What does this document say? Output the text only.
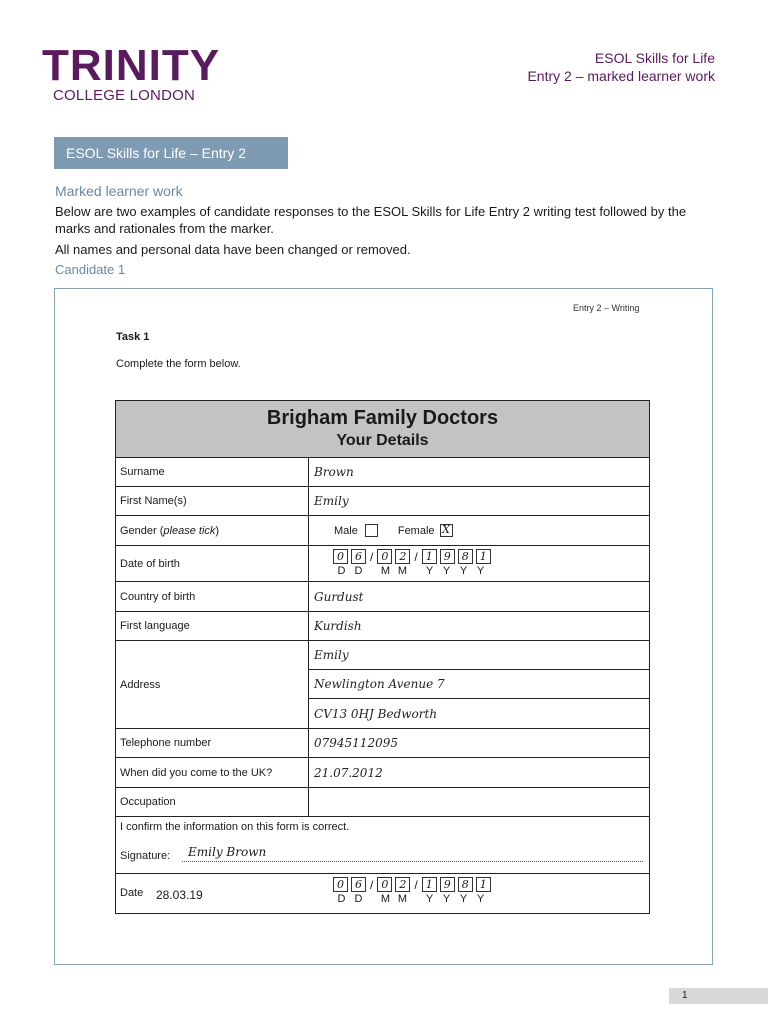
TRINITY
COLLEGE LONDON
ESOL Skills for Life
Entry 2 – marked learner work
ESOL Skills for Life – Entry 2
Marked learner work

Below are two examples of candidate responses to the ESOL Skills for Life Entry 2 writing test followed by the marks and rationales from the marker.

All names and personal data have been changed or removed.

Candidate 1
Entry 2 – Writing
Task 1
Complete the form below.
Brigham Family Doctors
Your Details
Surname	Brown
First Name(s)	Emily
Gender ( please tick )	Male	Female X
Date of birth
0	6 / 0	2 / 1	9	8	1
D D	M M	Y Y Y Y
Country of birth	Gurdust
First language	Kurdish
Address
Emily
Newlington Avenue 7
CV13 0HJ Bedworth
Telephone number	07945112095
When did you come to the UK?	21.07.2012
Occupation
I confirm the information on this form is correct.
Signature: Emily Brown
Date 28.03.19
0	6 / 0	2 / 1	9	8	1
D D	M M	Y Y Y Y
1
